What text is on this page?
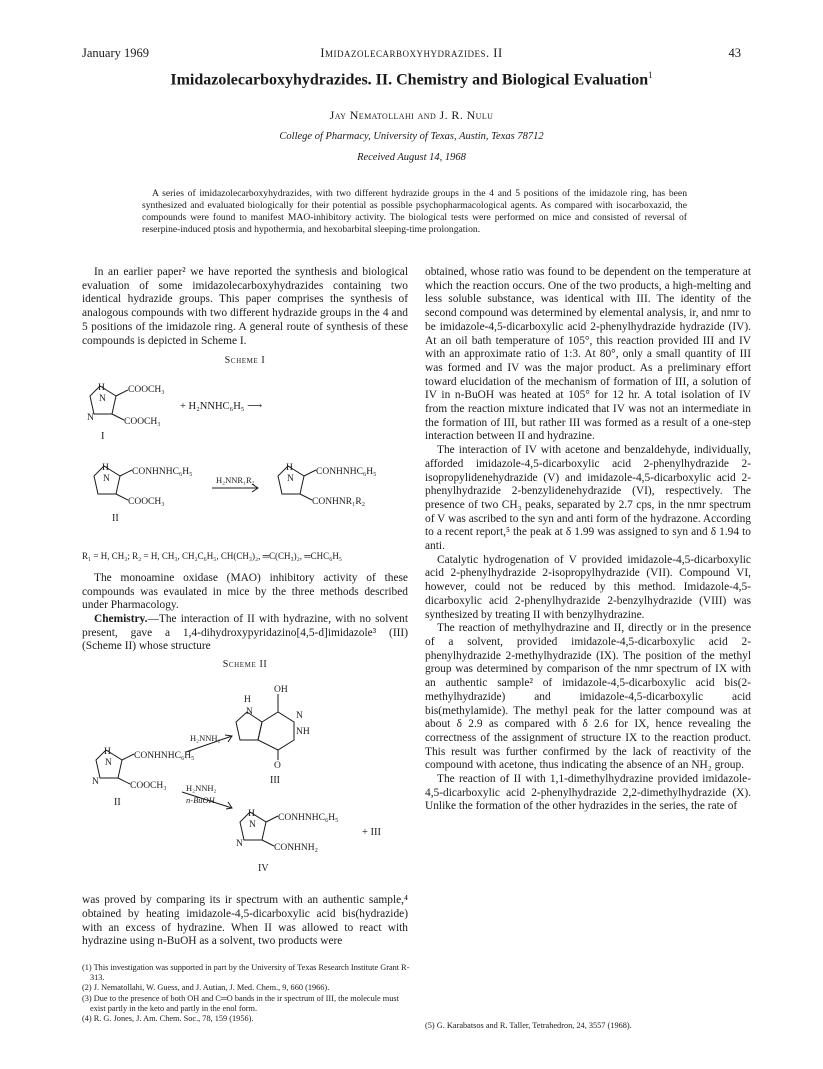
January 1969	Imidazolecarboxyhydrazides. II	43
Imidazolecarboxyhydrazides. II. Chemistry and Biological Evaluation$^1$
Jay Nematollahi and J. R. Nulu
College of Pharmacy, University of Texas, Austin, Texas 78712
Received August 14, 1968
A series of imidazolecarboxyhydrazides, with two different hydrazide groups in the 4 and 5 positions of the imidazole ring, has been synthesized and evaluated biologically for their potential as possible psychopharmacological agents. As compared with isocarboxazid, the compounds were found to manifest MAO-inhibitory activity. The biological tests were performed on mice and consisted of reversal of reserpine-induced ptosis and hypothermia, and hexobarbital sleeping-time prolongation.

In an earlier paper² we have reported the synthesis and biological evaluation of some imidazolecarboxyhydrazides containing two identical hydrazide groups. This paper comprises the synthesis of analogous compounds with two different hydrazide groups in the 4 and 5 positions of the imidazole ring. A general route of synthesis of these compounds is depicted in Scheme I.

Scheme I
H
N
COOCH₃
N	COOCH₃
+ H₂NNHC₆H₅ ⟶
I
H
N
CONHNHC₆H₅
COOCH₃
II
H₂NNR₁R₂
H
N
CONHNHC₆H₅
CONHNR₁R₂
R₁ = H, CH₃; R₂ = H, CH₃, CH₂C₆H₅, CH(CH₃)₂, ═C(CH₃)₂, ═CHC₆H₅

The monoamine oxidase (MAO) inhibitory activity of these compounds was evaulated in mice by the three methods described under Pharmacology.

Chemistry.—The interaction of II with hydrazine, with no solvent present, gave a 1,4-dihydroxypyridazino[4,5-d]imidazole³ (III) (Scheme II) whose structure

Scheme II
OH
H
N	N
NH
O
III
H₂NNH₂
H
N
CONHNHC₆H₅
N	COOCH₃
II
H₂NNH₂
n-BuOH
H
N
CONHNHC₆H₅
N	CONHNH₂
+ III
IV

was proved by comparing its ir spectrum with an authentic sample,⁴ obtained by heating imidazole-4,5-dicarboxylic acid bis(hydrazide) with an excess of hydrazine. When II was allowed to react with hydrazine using n-BuOH as a solvent, two products were

obtained, whose ratio was found to be dependent on the temperature at which the reaction occurs. One of the two products, a high-melting and less soluble substance, was identical with III. The identity of the second compound was determined by elemental analysis, ir, and nmr to be imidazole-4,5-dicarboxylic acid 2-phenylhydrazide hydrazide (IV). At an oil bath temperature of 105°, this reaction provided III and IV with an approximate ratio of 1:3. At 80°, only a small quantity of III was formed and IV was the major product. As a preliminary effort toward elucidation of the mechanism of formation of III, a solution of IV in n-BuOH was heated at 105° for 12 hr. A total isolation of IV from the reaction mixture indicated that IV was not an intermediate in the formation of III, but rather III was formed as a result of a one-step interaction between II and hydrazine.

The interaction of IV with acetone and benzaldehyde, individually, afforded imidazole-4,5-dicarboxylic acid 2-phenylhydrazide 2-isopropylidenehydrazide (V) and imidazole-4,5-dicarboxylic acid 2-phenylhydrazide 2-benzylidenehydrazide (VI), respectively. The presence of two CH₃ peaks, separated by 2.7 cps, in the nmr spectrum of V was ascribed to the syn and anti form of the hydrazone. According to a recent report,⁵ the peak at δ 1.99 was assigned to syn and δ 1.94 to anti.

Catalytic hydrogenation of V provided imidazole-4,5-dicarboxylic acid 2-phenylhydrazide 2-isopropylhydrazide (VII). Compound VI, however, could not be reduced by this method. Imidazole-4,5-dicarboxylic acid 2-phenylhydrazide 2-benzylhydrazide (VIII) was synthesized by treating II with benzylhydrazine.

The reaction of methylhydrazine and II, directly or in the presence of a solvent, provided imidazole-4,5-dicarboxylic acid 2-phenylhydrazide 2-methylhydrazide (IX). The position of the methyl group was determined by comparison of the nmr spectrum of IX with an authentic sample² of imidazole-4,5-dicarboxylic acid bis(2-methylhydrazide) and imidazole-4,5-dicarboxylic acid bis(methylamide). The methyl peak for the latter compound was at about δ 2.9 as compared with δ 2.6 for IX, hence revealing the correctness of the assignment of structure IX to the reaction product. This result was further confirmed by the lack of reactivity of the compound with acetone, thus indicating the absence of an NH₂ group.

The reaction of II with 1,1-dimethylhydrazine provided imidazole-4,5-dicarboxylic acid 2-phenylhydrazide 2,2-dimethylhydrazide (X). Unlike the formation of the other hydrazides in the series, the rate of

(1) This investigation was supported in part by the University of Texas Research Institute Grant R-313.
(2) J. Nematollahi, W. Guess, and J. Autian, J. Med. Chem., 9, 660 (1966).
(3) Due to the presence of both OH and C═O bands in the ir spectrum of III, the molecule must exist partly in the keto and partly in the enol form.
(4) R. G. Jones, J. Am. Chem. Soc., 78, 159 (1956).
(5) G. Karabatsos and R. Taller, Tetrahedron, 24, 3557 (1968).
